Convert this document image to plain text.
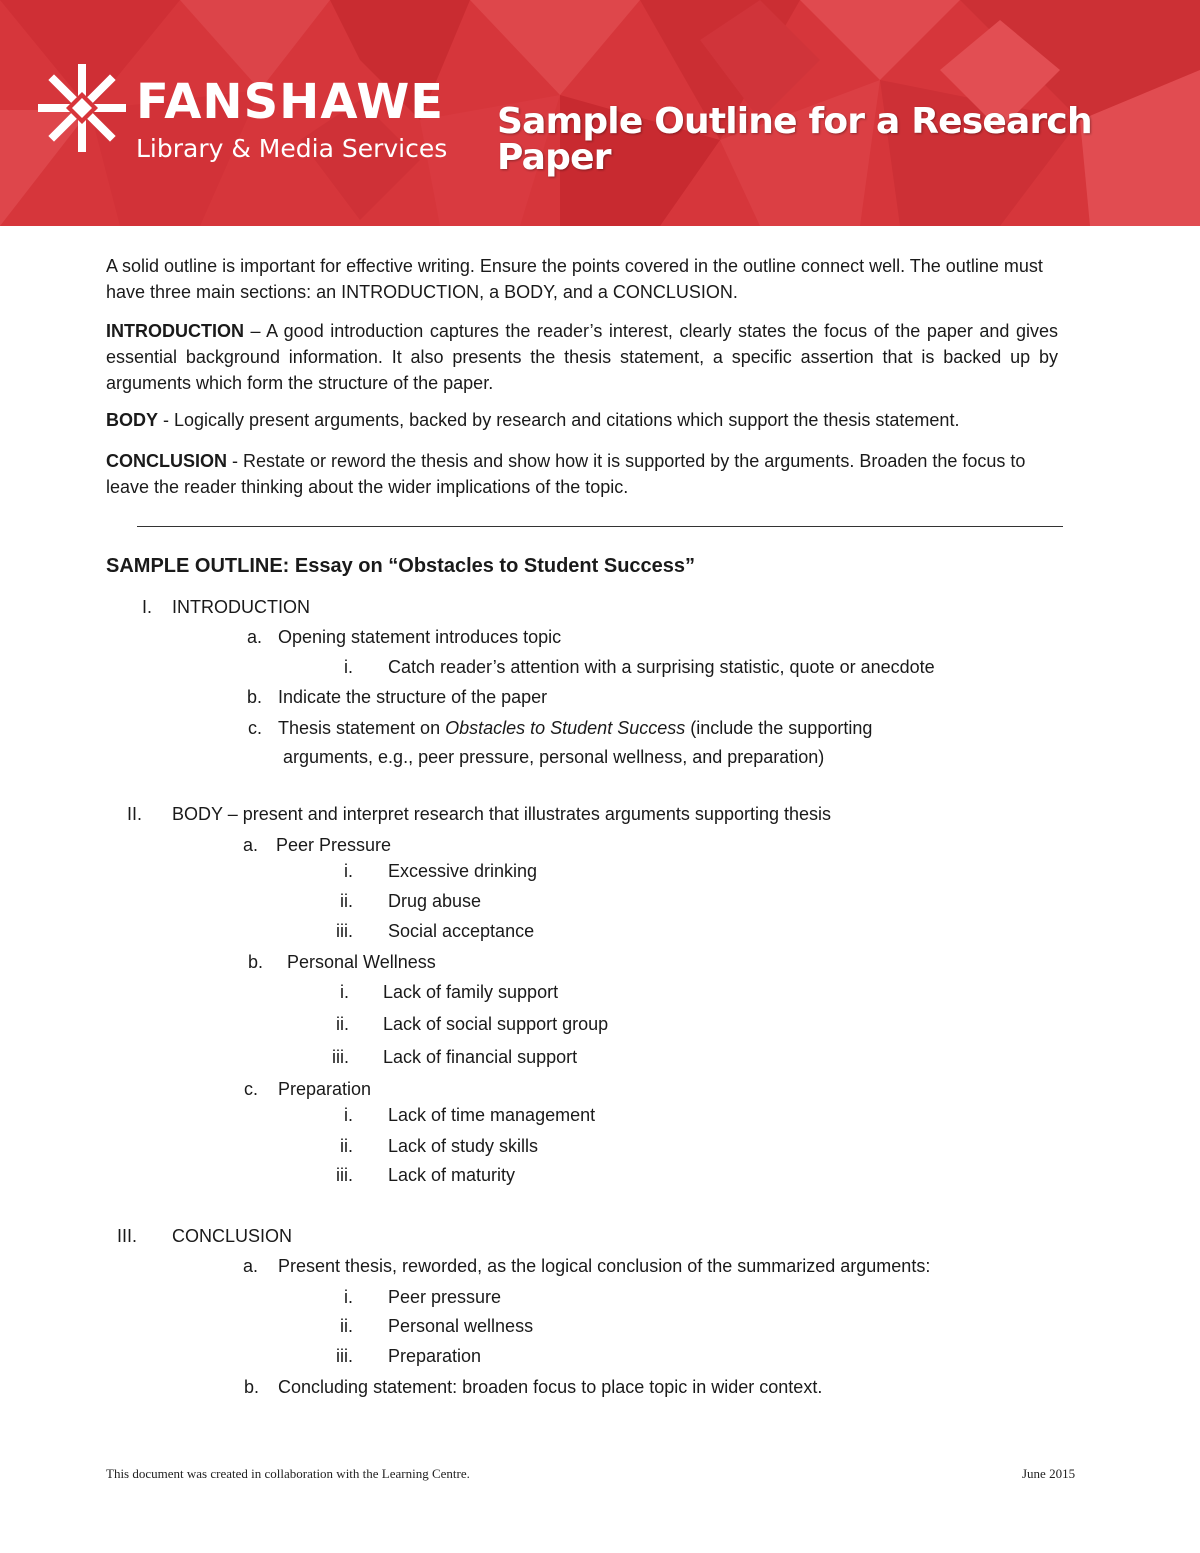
FANSHAWE
Library & Media Services
Sample Outline for a Research Paper

A solid outline is important for effective writing. Ensure the points covered in the outline connect well. The outline must have three main sections: an INTRODUCTION, a BODY, and a CONCLUSION.

INTRODUCTION – A good introduction captures the reader’s interest, clearly states the focus of the paper and gives essential background information. It also presents the thesis statement, a specific assertion that is backed up by arguments which form the structure of the paper.

BODY - Logically present arguments, backed by research and citations which support the thesis statement.

CONCLUSION - Restate or reword the thesis and show how it is supported by the arguments. Broaden the focus to leave the reader thinking about the wider implications of the topic.

SAMPLE OUTLINE: Essay on “Obstacles to Student Success”
I. INTRODUCTION
a. Opening statement introduces topic
i. Catch reader’s attention with a surprising statistic, quote or anecdote
b. Indicate the structure of the paper
c. Thesis statement on Obstacles to Student Success (include the supporting
arguments, e.g., peer pressure, personal wellness, and preparation)
II. BODY – present and interpret research that illustrates arguments supporting thesis
a. Peer Pressure
i. Excessive drinking
ii. Drug abuse
iii. Social acceptance
b. Personal Wellness
i. Lack of family support
ii. Lack of social support group
iii. Lack of financial support
c. Preparation
i. Lack of time management
ii. Lack of study skills
iii. Lack of maturity
III. CONCLUSION
a. Present thesis, reworded, as the logical conclusion of the summarized arguments:
i. Peer pressure
ii. Personal wellness
iii. Preparation
b. Concluding statement: broaden focus to place topic in wider context.
This document was created in collaboration with the Learning Centre.	June 2015
